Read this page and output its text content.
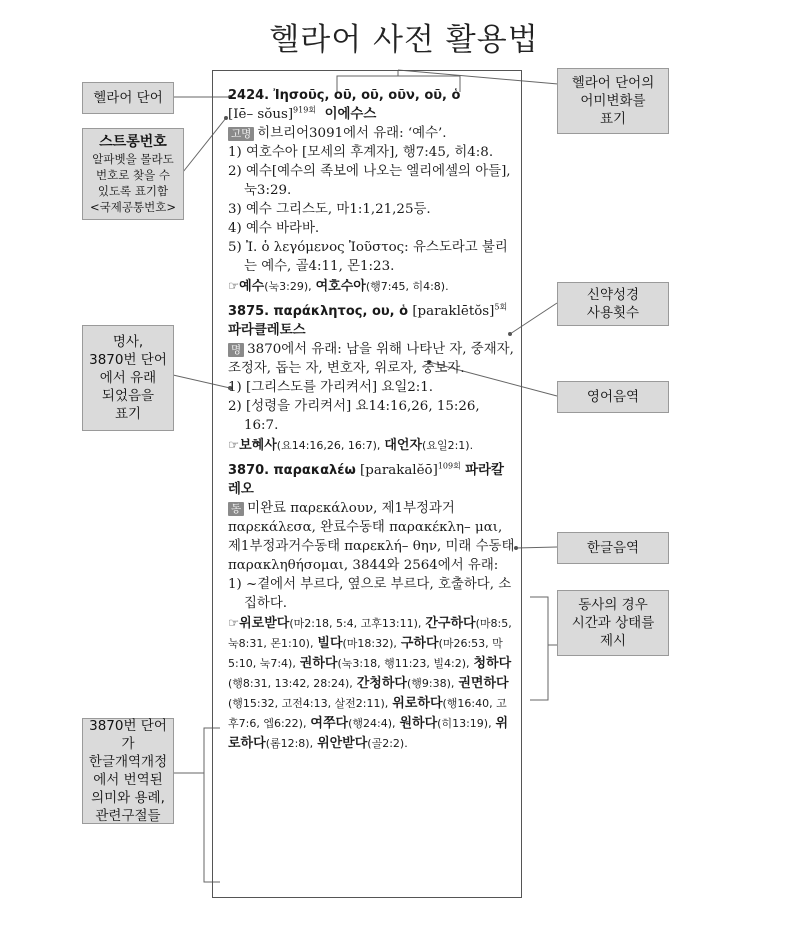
헬라어 사전 활용법
2424. Ἰησοῦς, οῦ, οῦ, οῦν, οῦ, ὁ
[Iē– sŏus]$^{919회}$ 이에수스
고명 히브리어3091에서 유래: ‘예수’.
1) 여호수아 [모세의 후계자], 행7:45, 히4:8.
2) 예수[예수의 족보에 나오는 엘리에셀의 아들], 눅3:29.
3) 예수 그리스도, 마1:1,21,25등.
4) 예수 바라바.
5) Ἰ. ὁ λεγόμενος Ἰοῦστος: 유스도라고 불리는 예수, 골4:11, 몬1:23.
☞예수(눅3:29), 여호수아(행7:45, 히4:8).
3875. παράκλητος, ου, ὁ [paraklētŏs]$^{5회}$
파라클레토스
명 3870에서 유래: 남을 위해 나타난 자, 중재자, 조정자, 돕는 자, 변호자, 위로자, 중보자.
1) [그리스도를 가리켜서] 요일2:1.
2) [성령을 가리켜서] 요14:16,26, 15:26, 16:7.
☞보혜사(요14:16,26, 16:7), 대언자(요일2:1).
3870. παρακαλέω [parakalĕō]$^{109회}$ 파라칼레오
동 미완료 παρεκάλουν, 제1부정과거 παρεκάλεσα, 완료수동태 παρακέκλη– μαι, 제1부정과거수동태 παρεκλή– θην, 미래 수동태 παρακληθήσομαι, 3844와 2564에서 유래:
1) ~곁에서 부르다, 옆으로 부르다, 호출하다, 소집하다.
☞위로받다(마2:18, 5:4, 고후13:11), 간구하다(마8:5, 눅8:31, 몬1:10), 빌다(마18:32), 구하다(마26:53, 막5:10, 눅7:4), 권하다(눅3:18, 행11:23, 빌4:2), 청하다(행8:31, 13:42, 28:24), 간청하다(행9:38), 권면하다(행15:32, 고전4:13, 살전2:11), 위로하다(행16:40, 고후7:6, 엡6:22), 여쭈다(행24:4), 원하다(히13:19), 위로하다(롬12:8), 위안받다(골2:2).
헬라어 단어
스트롱번호
알파벳을 몰라도
번호로 찾을 수
있도록 표기함
<국제공통번호>
명사,
3870번 단어
에서 유래
되었음을
표기
헬라어 단어의
어미변화를
표기
신약성경
사용횟수
영어음역
한글음역
동사의 경우
시간과 상태를
제시
3870번 단어가
한글개역개정
에서 번역된
의미와 용례,
관련구절들
